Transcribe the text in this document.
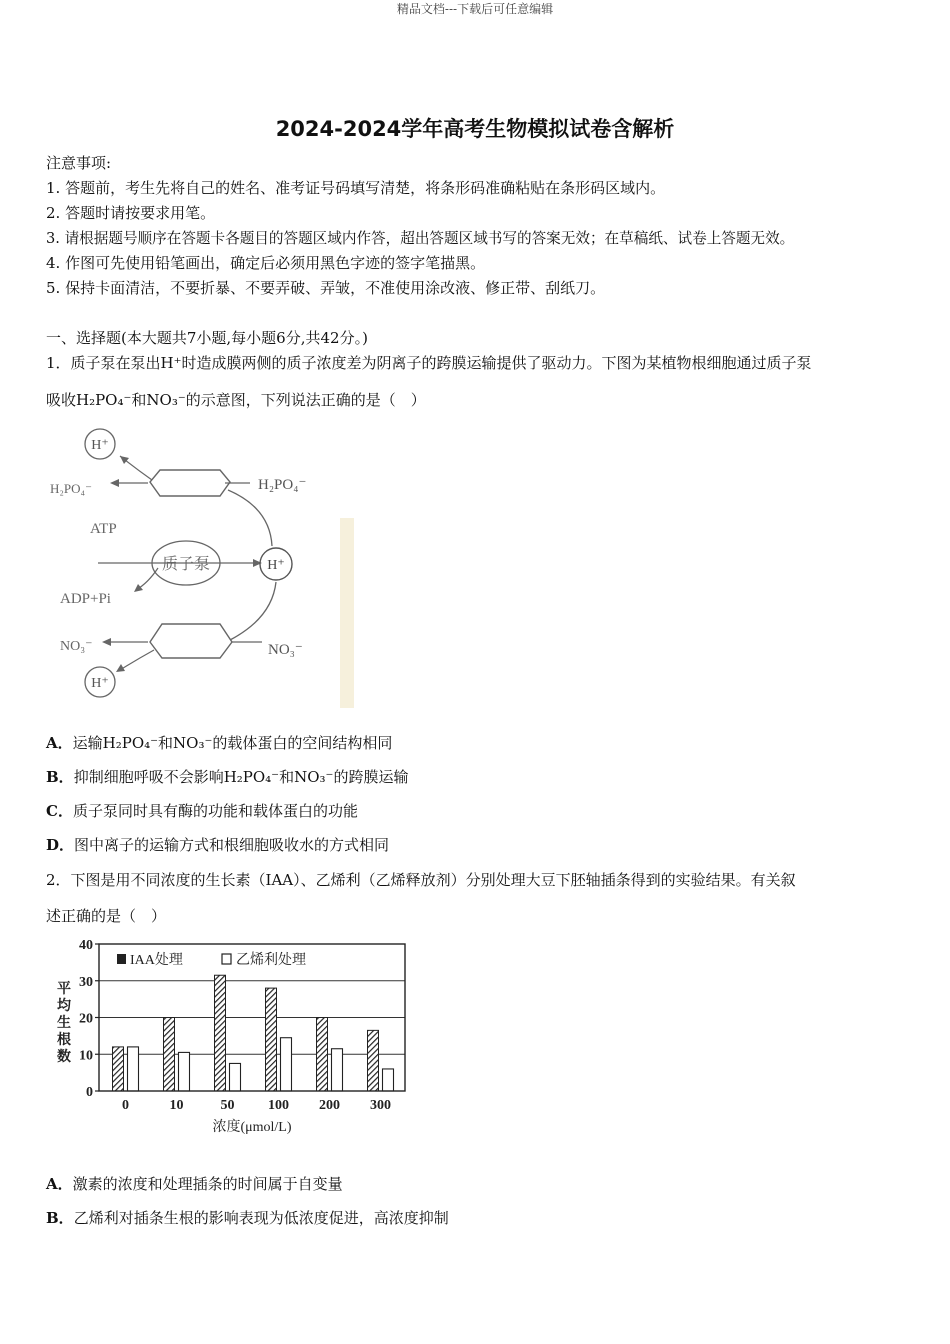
精品文档---下载后可任意编辑
2024-2024学年高考生物模拟试卷含解析
注意事项:
1. 答题前，考生先将自己的姓名、准考证号码填写清楚，将条形码准确粘贴在条形码区域内。
2. 答题时请按要求用笔。
3. 请根据题号顺序在答题卡各题目的答题区域内作答，超出答题区域书写的答案无效；在草稿纸、试卷上答题无效。
4. 作图可先使用铅笔画出，确定后必须用黑色字迹的签字笔描黑。
5. 保持卡面清洁，不要折暴、不要弄破、弄皱，不准使用涂改液、修正带、刮纸刀。
一、选择题(本大题共7小题,每小题6分,共42分。)
1．质子泵在泵出H⁺时造成膜两侧的质子浓度差为阴离子的跨膜运输提供了驱动力。下图为某植物根细胞通过质子泵
吸收H₂PO₄⁻和NO₃⁻的示意图，下列说法正确的是（　）
H⁺
H₂PO₄⁻	H₂PO₄⁻
ATP
质子泵
ADP+Pi
H⁺
NO₃⁻	NO₃⁻
H⁺
A．运输H₂PO₄⁻和NO₃⁻的载体蛋白的空间结构相同
B．抑制细胞呼吸不会影响H₂PO₄⁻和NO₃⁻的跨膜运输
C．质子泵同时具有酶的功能和载体蛋白的功能
D．图中离子的运输方式和根细胞吸收水的方式相同
2．下图是用不同浓度的生长素（IAA）、乙烯利（乙烯释放剂）分别处理大豆下胚轴插条得到的实验结果。有关叙
述正确的是（　）
0
10
20
30
40
0	10	50 100 200 300
IAA处理	乙烯利处理
平均生根数
浓度(μmol/L)
A．激素的浓度和处理插条的时间属于自变量
B．乙烯利对插条生根的影响表现为低浓度促进，高浓度抑制
